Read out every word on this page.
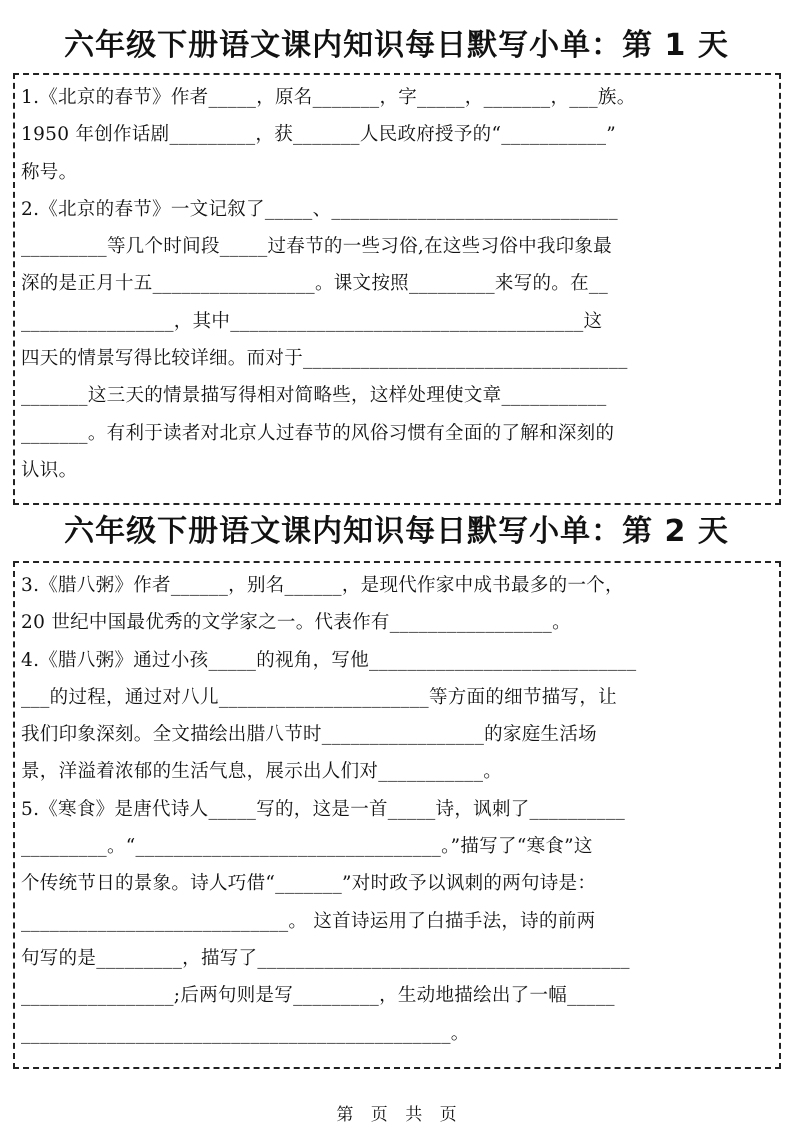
六年级下册语文课内知识每日默写小单：第 1 天
1.《北京的春节》作者_____，原名_______，字_____，_______，___族。
1950 年创作话剧_________，获_______人民政府授予的“___________”
称号。
2.《北京的春节》一文记叙了_____、______________________________
_________等几个时间段_____过春节的一些习俗,在这些习俗中我印象最
深的是正月十五_________________。课文按照_________来写的。在__
________________，其中_____________________________________这
四天的情景写得比较详细。而对于__________________________________
_______这三天的情景描写得相对简略些，这样处理使文章___________
_______。有利于读者对北京人过春节的风俗习惯有全面的了解和深刻的
认识。
六年级下册语文课内知识每日默写小单：第 2 天
3.《腊八粥》作者______，别名______，是现代作家中成书最多的一个，
20 世纪中国最优秀的文学家之一。代表作有_________________。
4.《腊八粥》通过小孩_____的视角，写他____________________________
___的过程，通过对八儿______________________等方面的细节描写，让
我们印象深刻。全文描绘出腊八节时_________________的家庭生活场
景，洋溢着浓郁的生活气息，展示出人们对___________。
5.《寒食》是唐代诗人_____写的，这是一首_____诗，讽刺了__________
_________。“________________________________。”描写了“寒食”这
个传统节日的景象。诗人巧借“_______”对时政予以讽刺的两句诗是：
____________________________。 这首诗运用了白描手法，诗的前两
句写的是_________，描写了_______________________________________
________________;后两句则是写_________，生动地描绘出了一幅_____
_____________________________________________。
第 页 共 页
